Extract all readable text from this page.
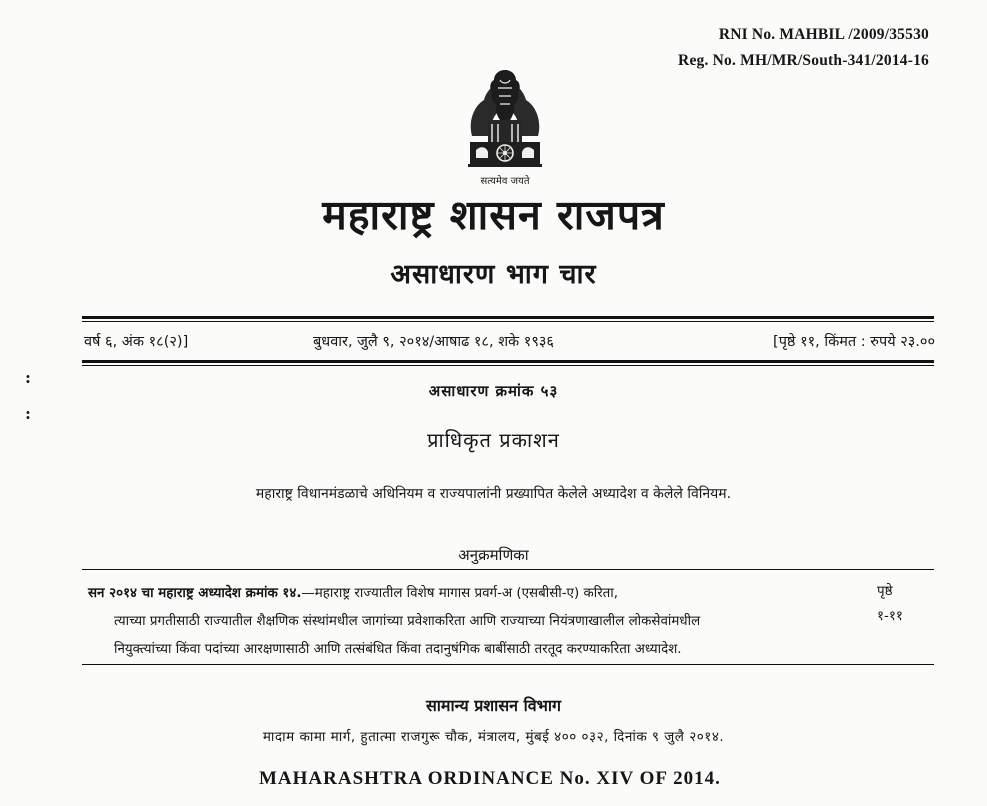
RNI No. MAHBIL /2009/35530
Reg. No. MH/MR/South-341/2014-16
सत्यमेव जयते
महाराष्ट्र शासन राजपत्र
असाधारण भाग चार
वर्ष ६, अंक १८(२)]	बुधवार, जुलै ९, २०१४/आषाढ १८, शके १९३६	[पृष्ठे ११, किंमत : रुपये २३.००
:
:
असाधारण क्रमांक ५३
प्राधिकृत प्रकाशन
महाराष्ट्र विधानमंडळाचे अधिनियम व राज्यपालांनी प्रख्यापित केलेले अध्यादेश व केलेले विनियम.
अनुक्रमणिका
सन २०१४ चा महाराष्ट्र अध्यादेश क्रमांक १४.—महाराष्ट्र राज्यातील विशेष मागास प्रवर्ग-अ (एसबीसी-ए) करिता,
त्याच्या प्रगतीसाठी राज्यातील शैक्षणिक संस्थांमधील जागांच्या प्रवेशाकरिता आणि राज्याच्या नियंत्रणाखालील लोकसेवांमधील
नियुक्त्यांच्या किंवा पदांच्या आरक्षणासाठी आणि तत्संबंधित किंवा तदानुषंगिक बाबींसाठी तरतूद करण्याकरिता अध्यादेश.
पृष्ठे
१-११
सामान्य प्रशासन विभाग
मादाम कामा मार्ग, हुतात्मा राजगुरू चौक, मंत्रालय, मुंबई ४०० ०३२, दिनांक ९ जुलै २०१४.
MAHARASHTRA ORDINANCE No. XIV OF 2014.
